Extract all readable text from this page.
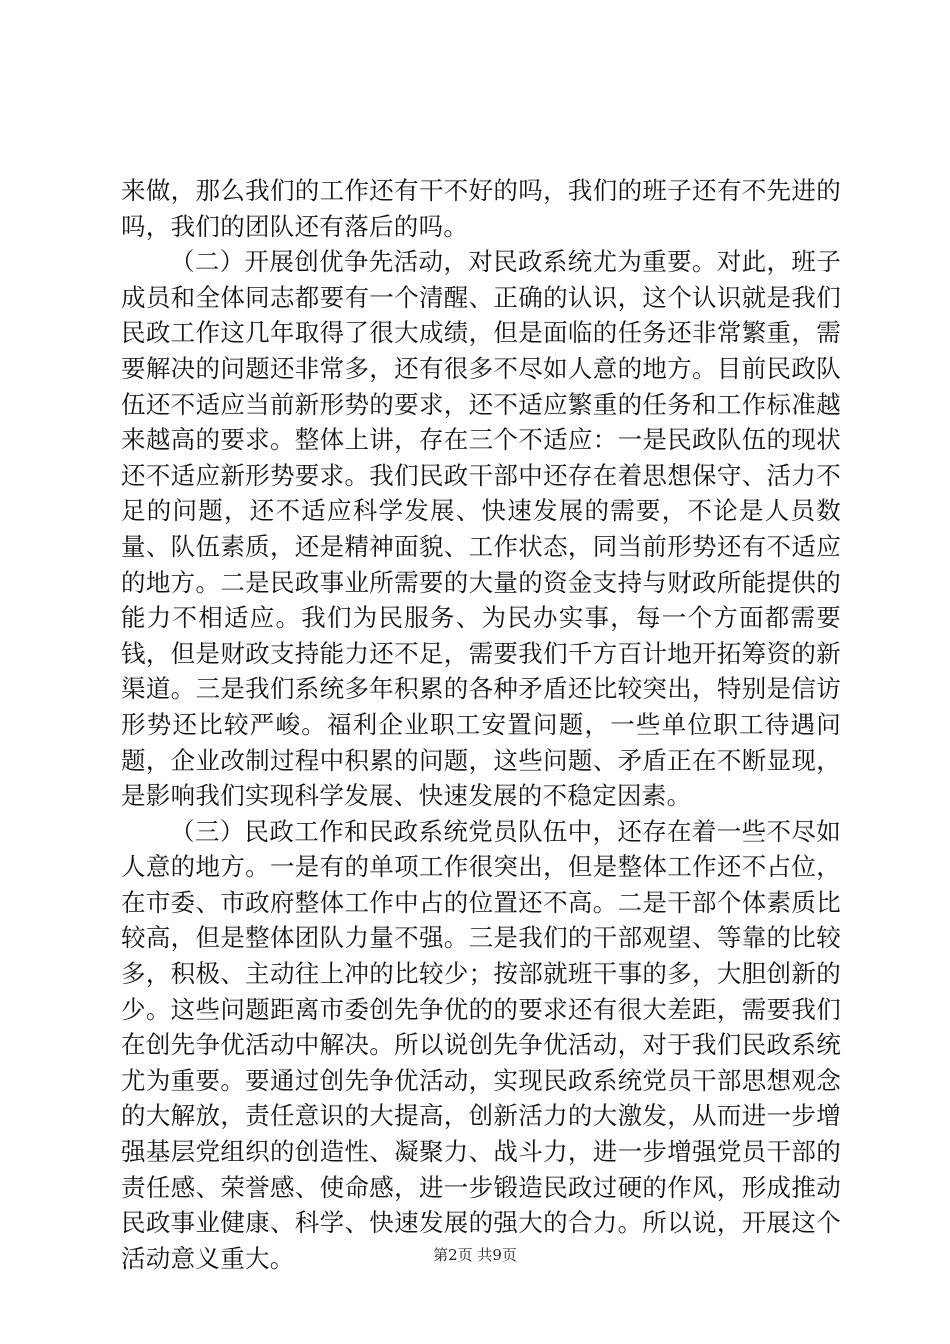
来做，那么我们的工作还有干不好的吗，我们的班子还有不先进的吗，我们的团队还有落后的吗。

（二）开展创优争先活动，对民政系统尤为重要。对此，班子成员和全体同志都要有一个清醒、正确的认识，这个认识就是我们民政工作这几年取得了很大成绩，但是面临的任务还非常繁重，需要解决的问题还非常多，还有很多不尽如人意的地方。目前民政队伍还不适应当前新形势的要求，还不适应繁重的任务和工作标准越来越高的要求。整体上讲，存在三个不适应：一是民政队伍的现状还不适应新形势要求。我们民政干部中还存在着思想保守、活力不足的问题，还不适应科学发展、快速发展的需要，不论是人员数量、队伍素质，还是精神面貌、工作状态，同当前形势还有不适应的地方。二是民政事业所需要的大量的资金支持与财政所能提供的能力不相适应。我们为民服务、为民办实事，每一个方面都需要钱，但是财政支持能力还不足，需要我们千方百计地开拓筹资的新渠道。三是我们系统多年积累的各种矛盾还比较突出，特别是信访形势还比较严峻。福利企业职工安置问题，一些单位职工待遇问题，企业改制过程中积累的问题，这些问题、矛盾正在不断显现，是影响我们实现科学发展、快速发展的不稳定因素。

（三）民政工作和民政系统党员队伍中，还存在着一些不尽如人意的地方。一是有的单项工作很突出，但是整体工作还不占位，在市委、市政府整体工作中占的位置还不高。二是干部个体素质比较高，但是整体团队力量不强。三是我们的干部观望、等靠的比较多，积极、主动往上冲的比较少；按部就班干事的多，大胆创新的少。这些问题距离市委创先争优的的要求还有很大差距，需要我们在创先争优活动中解决。所以说创先争优活动，对于我们民政系统尤为重要。要通过创先争优活动，实现民政系统党员干部思想观念的大解放，责任意识的大提高，创新活力的大激发，从而进一步增强基层党组织的创造性、凝聚力、战斗力，进一步增强党员干部的责任感、荣誉感、使命感，进一步锻造民政过硬的作风，形成推动民政事业健康、科学、快速发展的强大的合力。所以说，开展这个活动意义重大。	第2页 共9页
